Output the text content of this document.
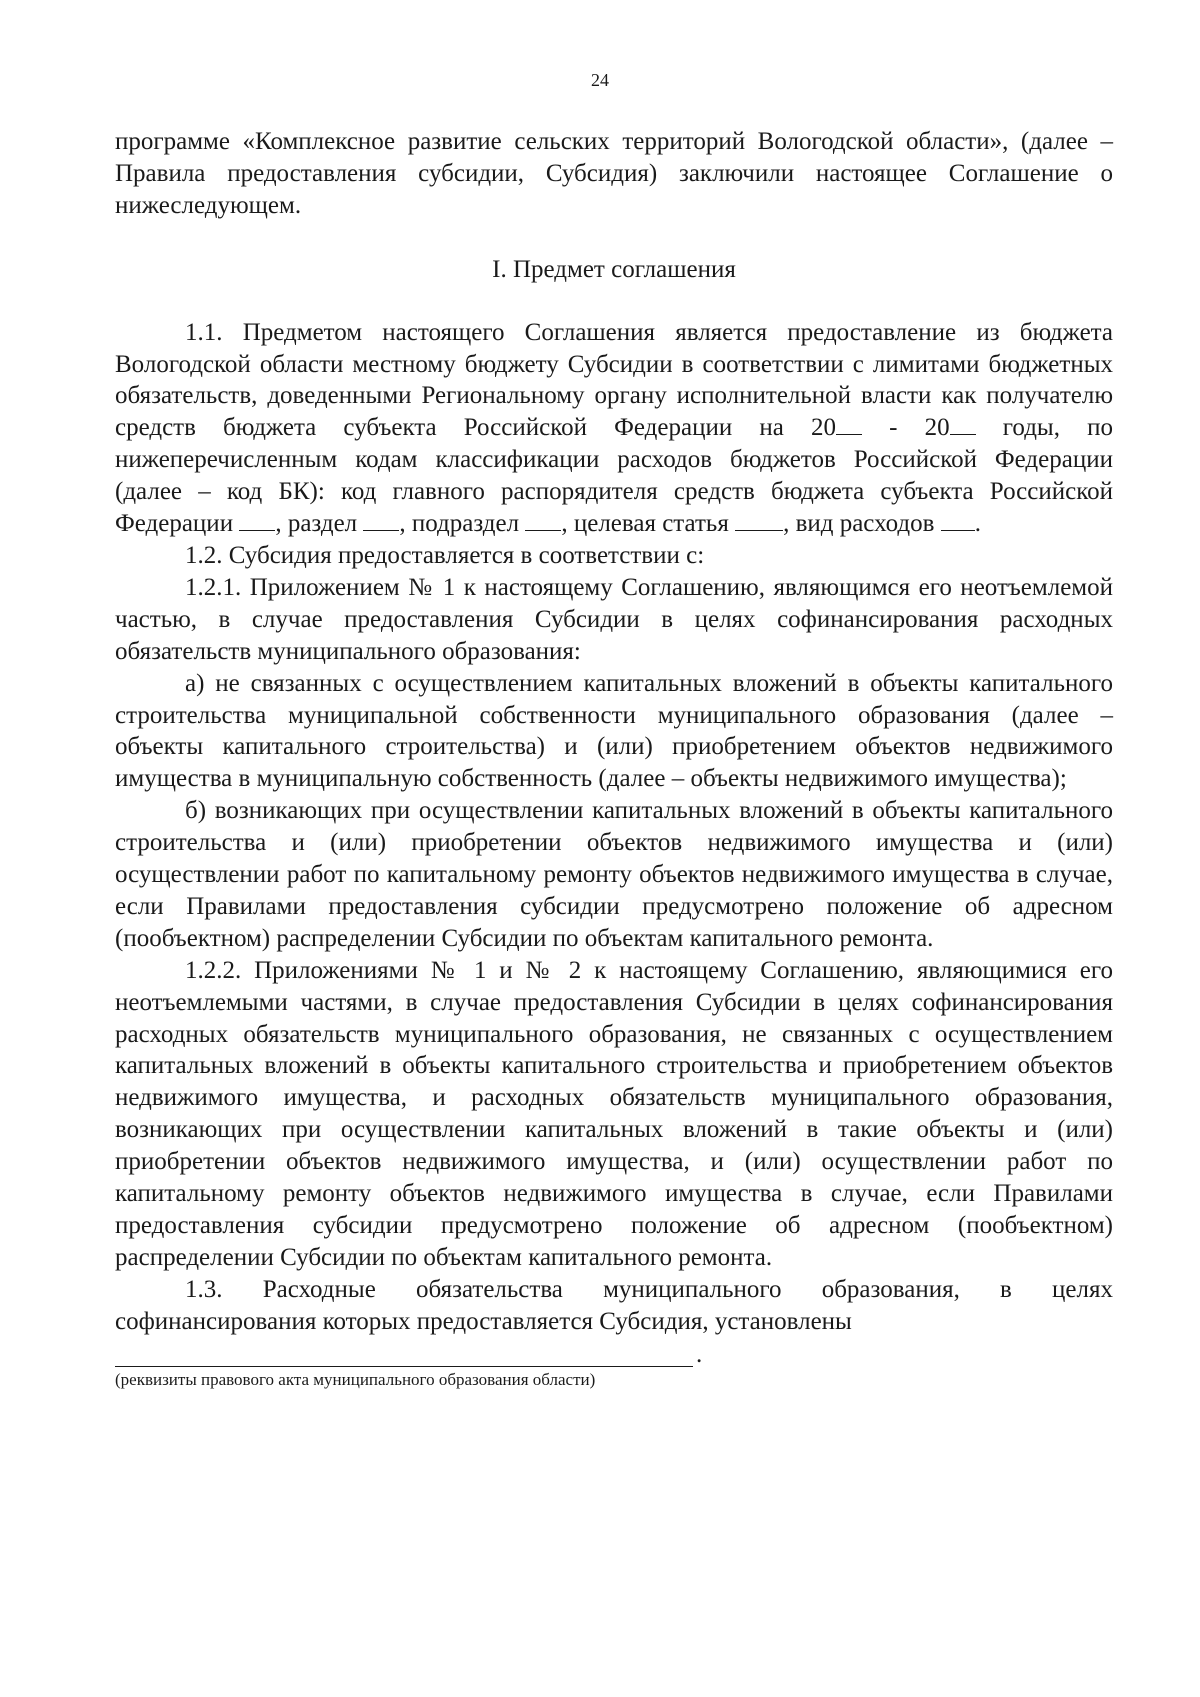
24

программе «Комплексное развитие сельских территорий Вологодской области», (далее – Правила предоставления субсидии, Субсидия) заключили настоящее Соглашение о нижеследующем.

I. Предмет соглашения

1.1. Предметом настоящего Соглашения является предоставление из бюджета Вологодской области местному бюджету Субсидии в соответствии с лимитами бюджетных обязательств, доведенными Региональному органу исполнительной власти как получателю средств бюджета субъекта Российской Федерации на 20 - 20 годы, по нижеперечисленным кодам классификации расходов бюджетов Российской Федерации (далее – код БК): код главного распорядителя средств бюджета субъекта Российской Федерации , раздел , подраздел , целевая статья , вид расходов .

1.2. Субсидия предоставляется в соответствии с:

1.2.1. Приложением № 1 к настоящему Соглашению, являющимся его неотъемлемой частью, в случае предоставления Субсидии в целях софинансирования расходных обязательств муниципального образования:

а) не связанных с осуществлением капитальных вложений в объекты капитального строительства муниципальной собственности муниципального образования (далее – объекты капитального строительства) и (или) приобретением объектов недвижимого имущества в муниципальную собственность (далее – объекты недвижимого имущества);

б) возникающих при осуществлении капитальных вложений в объекты капитального строительства и (или) приобретении объектов недвижимого имущества и (или) осуществлении работ по капитальному ремонту объектов недвижимого имущества в случае, если Правилами предоставления субсидии предусмотрено положение об адресном (пообъектном) распределении Субсидии по объектам капитального ремонта.

1.2.2. Приложениями № 1 и № 2 к настоящему Соглашению, являющимися его неотъемлемыми частями, в случае предоставления Субсидии в целях софинансирования расходных обязательств муниципального образования, не связанных с осуществлением капитальных вложений в объекты капитального строительства и приобретением объектов недвижимого имущества, и расходных обязательств муниципального образования, возникающих при осуществлении капитальных вложений в такие объекты и (или) приобретении объектов недвижимого имущества, и (или) осуществлении работ по капитальному ремонту объектов недвижимого имущества в случае, если Правилами предоставления субсидии предусмотрено положение об адресном (пообъектном) распределении Субсидии по объектам капитального ремонта.

1.3. Расходные обязательства муниципального образования, в целях софинансирования которых предоставляется Субсидия, установлены

.
(реквизиты правового акта муниципального образования области)
